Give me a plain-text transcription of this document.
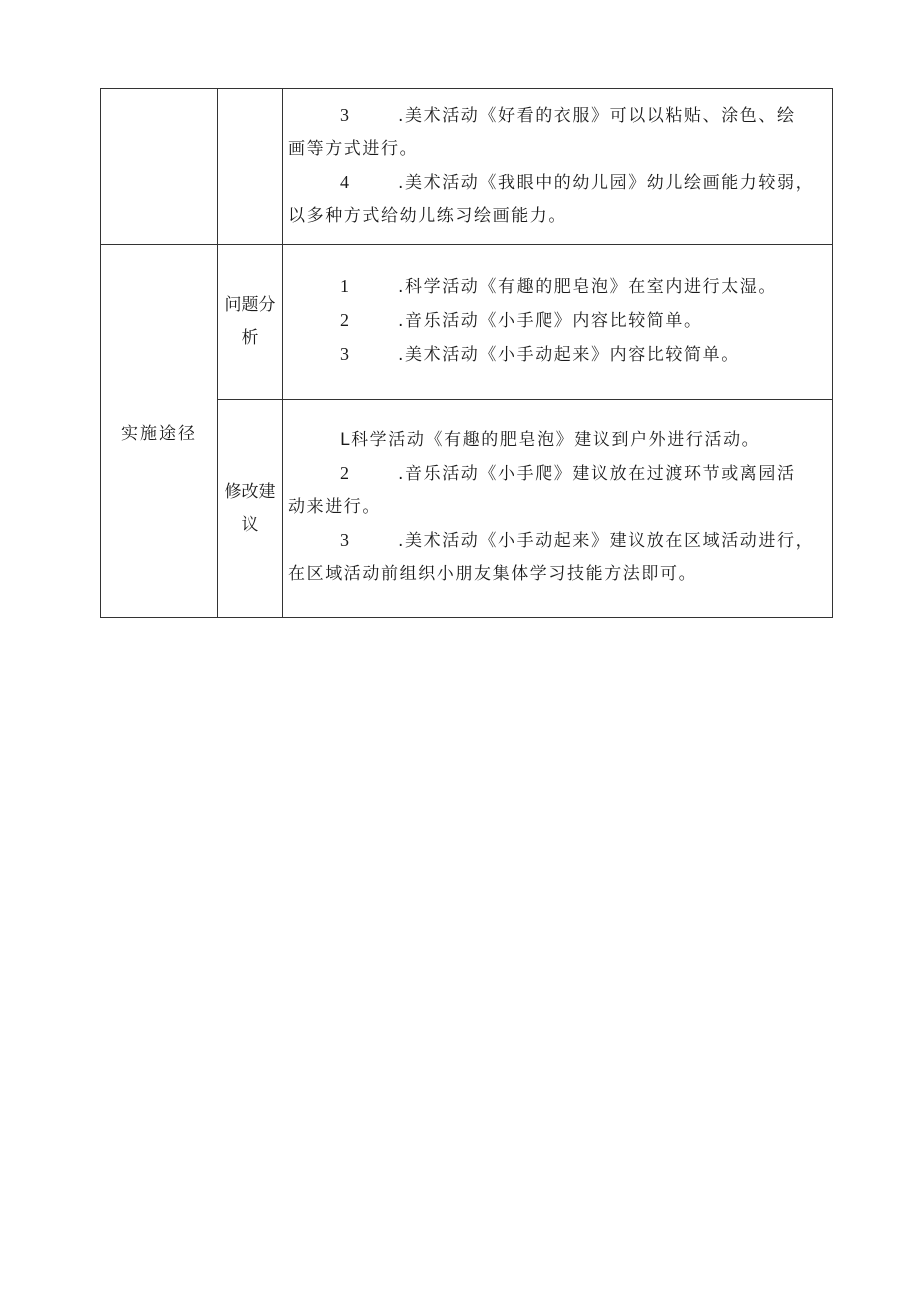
		3 .美术活动《好看的衣服》可以以粘贴、涂色、绘
画等方式进行。
4 .美术活动《我眼中的幼儿园》幼儿绘画能力较弱，
以多种方式给幼儿练习绘画能力。

实施途径	问题分析	1 .科学活动《有趣的肥皂泡》在室内进行太湿。
2 .音乐活动《小手爬》内容比较简单。
3 .美术活动《小手动起来》内容比较简单。

	修改建议	L科学活动《有趣的肥皂泡》建议到户外进行活动。
2 .音乐活动《小手爬》建议放在过渡环节或离园活
动来进行。
3 .美术活动《小手动起来》建议放在区域活动进行，
在区域活动前组织小朋友集体学习技能方法即可。
